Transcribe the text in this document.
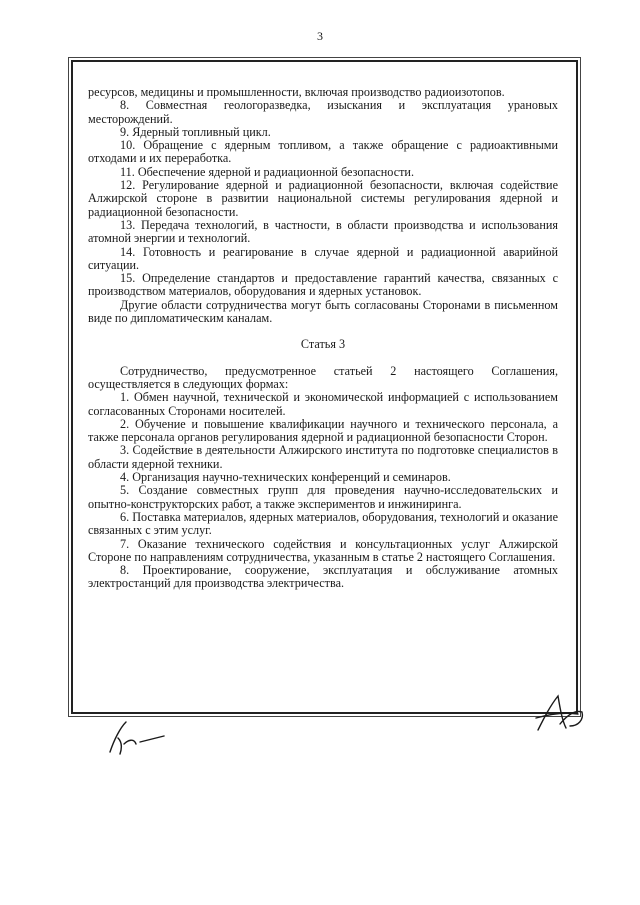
3

ресурсов, медицины и промышленности, включая производство радиоизотопов.

8. Совместная геологоразведка, изыскания и эксплуатация урановых месторождений.

9. Ядерный топливный цикл.

10. Обращение с ядерным топливом, а также обращение с радиоактивными отходами и их переработка.

11. Обеспечение ядерной и радиационной безопасности.

12. Регулирование ядерной и радиационной безопасности, включая содействие Алжирской стороне в развитии национальной системы регулирования ядерной и радиационной безопасности.

13. Передача технологий, в частности, в области производства и использования атомной энергии и технологий.

14. Готовность и реагирование в случае ядерной и радиационной аварийной ситуации.

15. Определение стандартов и предоставление гарантий качества, связанных с производством материалов, оборудования и ядерных установок.

Другие области сотрудничества могут быть согласованы Сторонами в письменном виде по дипломатическим каналам.

Статья 3

Сотрудничество, предусмотренное статьей 2 настоящего Соглашения, осуществляется в следующих формах:

1. Обмен научной, технической и экономической информацией с использованием согласованных Сторонами носителей.

2. Обучение и повышение квалификации научного и технического персонала, а также персонала органов регулирования ядерной и радиационной безопасности Сторон.

3. Содействие в деятельности Алжирского института по подготовке специалистов в области ядерной техники.

4. Организация научно-технических конференций и семинаров.

5. Создание совместных групп для проведения научно-исследовательских и опытно-конструкторских работ, а также экспериментов и инжиниринга.

6. Поставка материалов, ядерных материалов, оборудования, технологий и оказание связанных с этим услуг.

7. Оказание технического содействия и консультационных услуг Алжирской Стороне по направлениям сотрудничества, указанным в статье 2 настоящего Соглашения.

8. Проектирование, сооружение, эксплуатация и обслуживание атомных электростанций для производства электричества.
